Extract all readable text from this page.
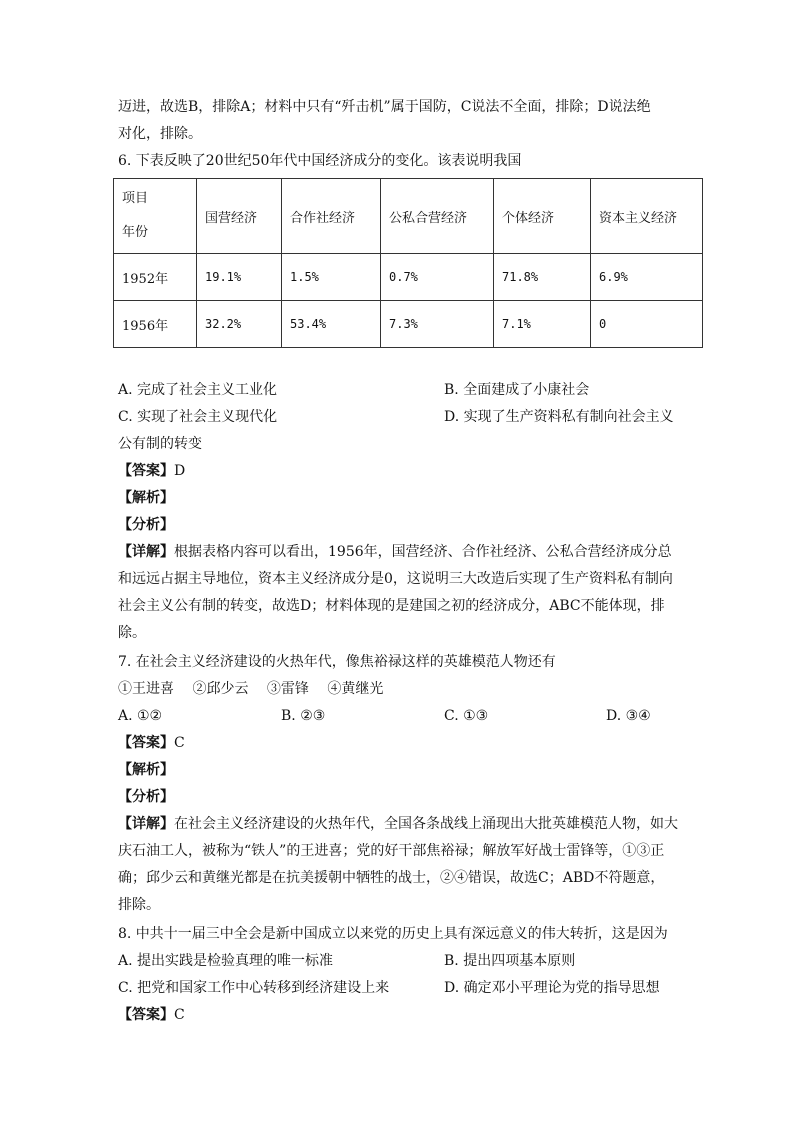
迈进，故选B，排除A；材料中只有“歼击机”属于国防，C说法不全面，排除；D说法绝
对化，排除。
6. 下表反映了20世纪50年代中国经济成分的变化。该表说明我国
项目
年份	国营经济	合作社经济	公私合营经济	个体经济	资本主义经济
1952年	19.1%	1.5%	0.7%	71.8%	6.9%
1956年	32.2%	53.4%	7.3%	7.1%	0
A. 完成了社会主义工业化	B. 全面建成了小康社会
C. 实现了社会主义现代化	D. 实现了生产资料私有制向社会主义
公有制的转变
【答案】D
【解析】
【分析】
【详解】根据表格内容可以看出，1956年，国营经济、合作社经济、公私合营经济成分总
和远远占据主导地位，资本主义经济成分是0，这说明三大改造后实现了生产资料私有制向
社会主义公有制的转变，故选D；材料体现的是建国之初的经济成分，ABC不能体现，排
除。
7. 在社会主义经济建设的火热年代，像焦裕禄这样的英雄模范人物还有
①王进喜　 ②邱少云　 ③雷锋　 ④黄继光
A. ①②	B. ②③	C. ①③	D. ③④
【答案】C
【解析】
【分析】
【详解】在社会主义经济建设的火热年代，全国各条战线上涌现出大批英雄模范人物，如大
庆石油工人，被称为“铁人”的王进喜；党的好干部焦裕禄；解放军好战士雷锋等，①③正
确；邱少云和黄继光都是在抗美援朝中牺牲的战士，②④错误，故选C；ABD不符题意，
排除。
8. 中共十一届三中全会是新中国成立以来党的历史上具有深远意义的伟大转折，这是因为
A. 提出实践是检验真理的唯一标准	B. 提出四项基本原则
C. 把党和国家工作中心转移到经济建设上来	D. 确定邓小平理论为党的指导思想
【答案】C
